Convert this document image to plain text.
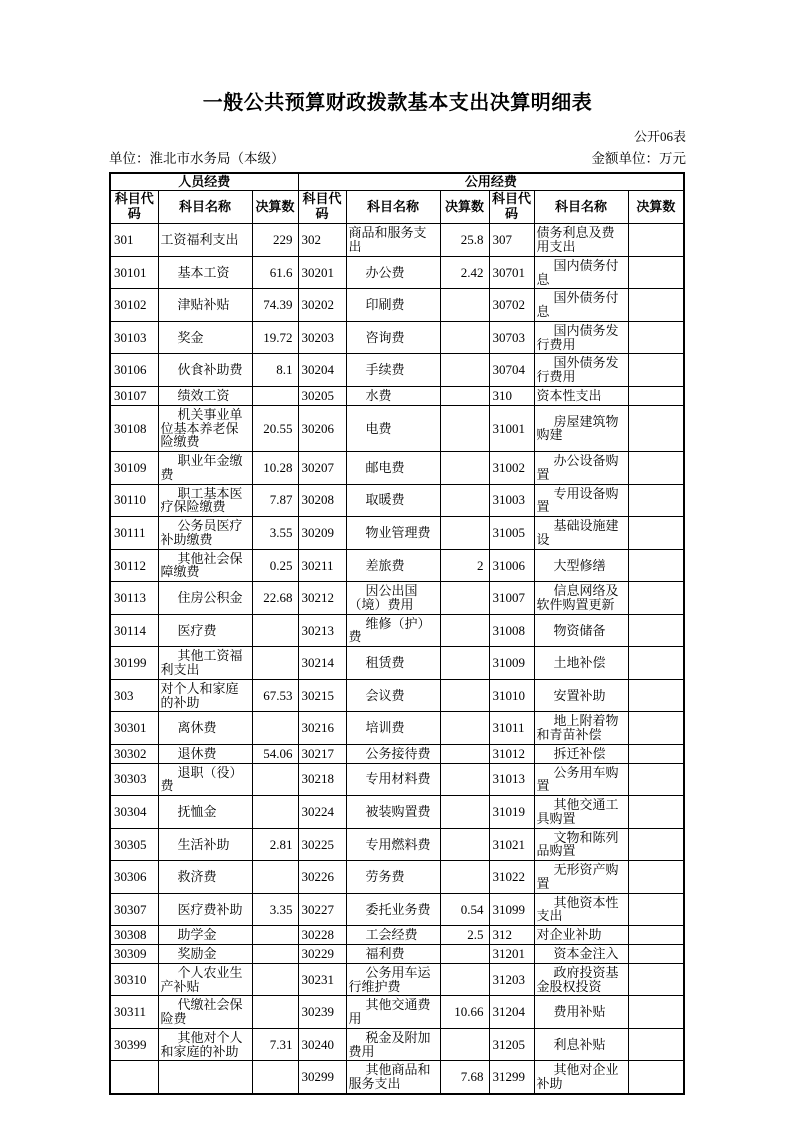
一般公共预算财政拨款基本支出决算明细表
公开06表
单位：淮北市水务局（本级）	金额单位：万元
人员经费			公用经费					
科目代码	科目名称	决算数	科目代码	科目名称	决算数	科目代码	科目名称	决算数
301	工资福利支出	229	302	商品和服务支出	25.8	307	债务利息及费用支出	
30101	基本工资	61.6	30201	办公费	2.42	30701	国内债务付息	
30102	津贴补贴	74.39	30202	印刷费		30702	国外债务付息	
30103	奖金	19.72	30203	咨询费		30703	国内债务发行费用	
30106	伙食补助费	8.1	30204	手续费		30704	国外债务发行费用	
30107	绩效工资		30205	水费		310	资本性支出	
30108	机关事业单位基本养老保险缴费	20.55	30206	电费		31001	房屋建筑物购建	
30109	职业年金缴费	10.28	30207	邮电费		31002	办公设备购置	
30110	职工基本医疗保险缴费	7.87	30208	取暖费		31003	专用设备购置	
30111	公务员医疗补助缴费	3.55	30209	物业管理费		31005	基础设施建设	
30112	其他社会保障缴费	0.25	30211	差旅费	2	31006	大型修缮	
30113	住房公积金	22.68	30212	因公出国（境）费用		31007	信息网络及软件购置更新	
30114	医疗费		30213	维修（护）费		31008	物资储备	
30199	其他工资福利支出		30214	租赁费		31009	土地补偿	
303	对个人和家庭的补助	67.53	30215	会议费		31010	安置补助	
30301	离休费		30216	培训费		31011	地上附着物和青苗补偿	
30302	退休费	54.06	30217	公务接待费		31012	拆迁补偿	
30303	退职（役）费		30218	专用材料费		31013	公务用车购置	
30304	抚恤金		30224	被装购置费		31019	其他交通工具购置	
30305	生活补助	2.81	30225	专用燃料费		31021	文物和陈列品购置	
30306	救济费		30226	劳务费		31022	无形资产购置	
30307	医疗费补助	3.35	30227	委托业务费	0.54	31099	其他资本性支出	
30308	助学金		30228	工会经费	2.5	312	对企业补助	
30309	奖励金		30229	福利费		31201	资本金注入	
30310	个人农业生产补贴		30231	公务用车运行维护费		31203	政府投资基金股权投资	
30311	代缴社会保险费		30239	其他交通费用	10.66	31204	费用补贴	
30399	其他对个人和家庭的补助	7.31	30240	税金及附加费用		31205	利息补贴	
			30299	其他商品和服务支出	7.68	31299	其他对企业补助	
